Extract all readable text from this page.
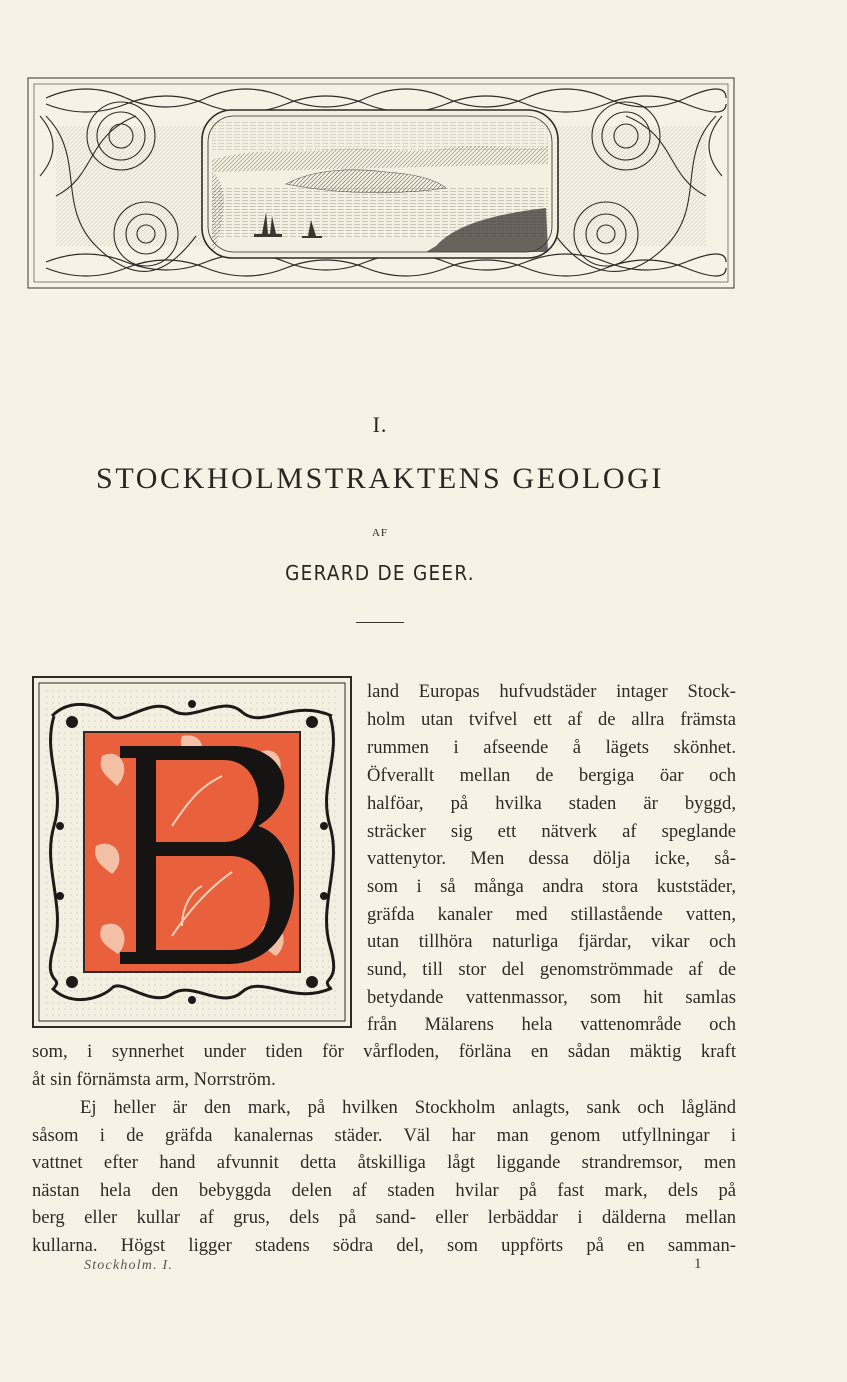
I.
STOCKHOLMSTRAKTENS GEOLOGI
AF
GERARD DE GEER.
land Europas hufvudstäder intager Stock-
holm utan tvifvel ett af de allra främsta
rummen i afseende å lägets skönhet.
Öfverallt mellan de bergiga öar och
halföar, på hvilka staden är byggd,
sträcker sig ett nätverk af speglande
vattenytor. Men dessa dölja icke, så-
som i så många andra stora kuststäder,
gräfda kanaler med stillastående vatten,
utan tillhöra naturliga fjärdar, vikar och
sund, till stor del genomströmmade af de
betydande vattenmassor, som hit samlas
från Mälarens hela vattenområde och
som, i synnerhet under tiden för vårfloden, förläna en sådan mäktig kraft
åt sin förnämsta arm, Norrström.
Ej heller är den mark, på hvilken Stockholm anlagts, sank och lågländ
såsom i de gräfda kanalernas städer. Väl har man genom utfyllningar i
vattnet efter hand afvunnit detta åtskilliga lågt liggande strandremsor, men
nästan hela den bebyggda delen af staden hvilar på fast mark, dels på
berg eller kullar af grus, dels på sand- eller lerbäddar i dälderna mellan
kullarna. Högst ligger stadens södra del, som uppförts på en samman-
Stockholm. I.	1
